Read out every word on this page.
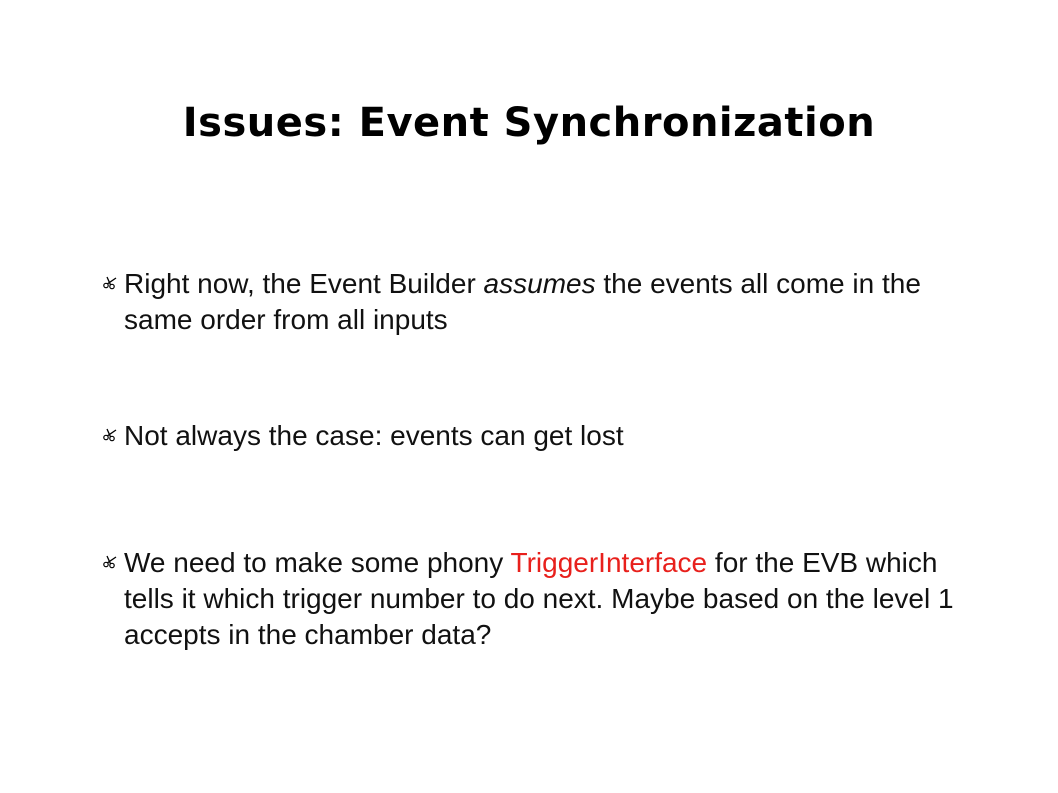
Issues: Event Synchronization
Right now, the Event Builder assumes the events all come in the same order from all inputs
Not always the case: events can get lost
We need to make some phony TriggerInterface for the EVB which tells it which trigger number to do next. Maybe based on the level 1 accepts in the chamber data?
